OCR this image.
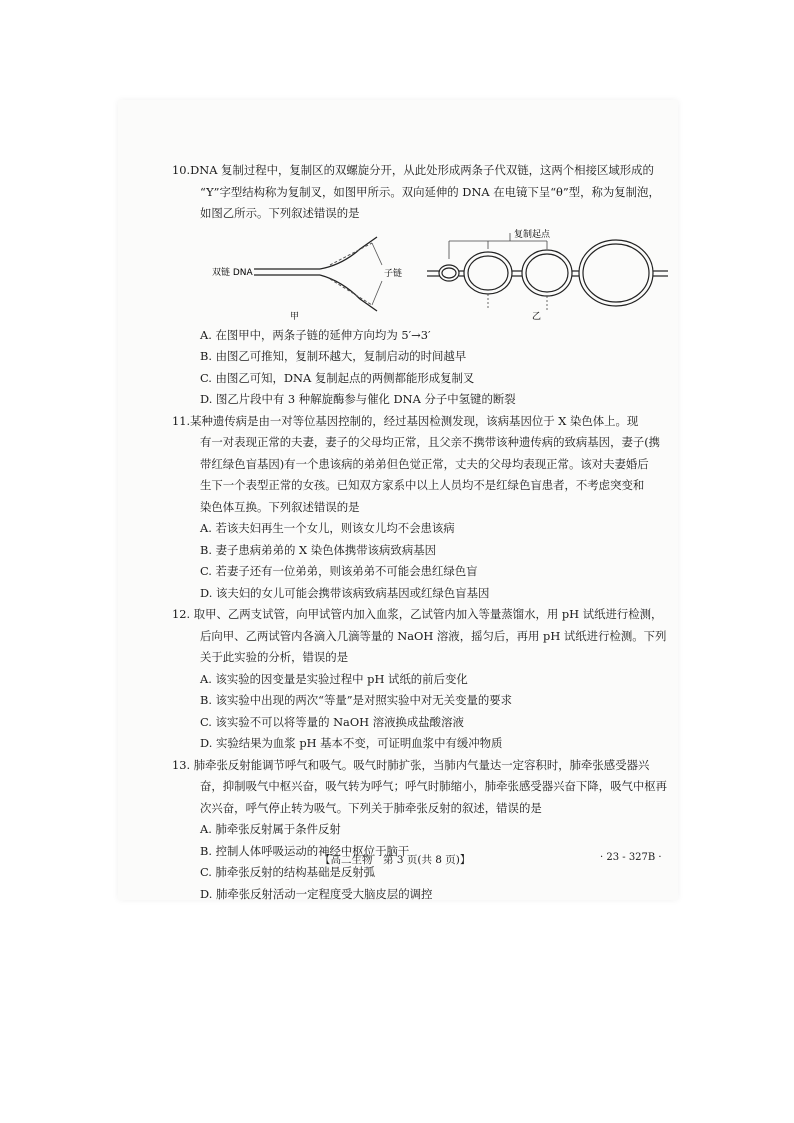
10.DNA 复制过程中，复制区的双螺旋分开，从此处形成两条子代双链，这两个相接区域形成的

“Y”字型结构称为复制叉，如图甲所示。双向延伸的 DNA 在电镜下呈“θ”型，称为复制泡，

如图乙所示。下列叙述错误的是

双链 DNA	子链
甲
复制起点
乙

A. 在图甲中，两条子链的延伸方向均为 5′→3′

B. 由图乙可推知，复制环越大，复制启动的时间越早

C. 由图乙可知，DNA 复制起点的两侧都能形成复制叉

D. 图乙片段中有 3 种解旋酶参与催化 DNA 分子中氢键的断裂

11.某种遗传病是由一对等位基因控制的，经过基因检测发现，该病基因位于 X 染色体上。现

有一对表现正常的夫妻，妻子的父母均正常，且父亲不携带该种遗传病的致病基因，妻子(携

带红绿色盲基因)有一个患该病的弟弟但色觉正常，丈夫的父母均表现正常。该对夫妻婚后

生下一个表型正常的女孩。已知双方家系中以上人员均不是红绿色盲患者，不考虑突变和

染色体互换。下列叙述错误的是

A. 若该夫妇再生一个女儿，则该女儿均不会患该病

B. 妻子患病弟弟的 X 染色体携带该病致病基因

C. 若妻子还有一位弟弟，则该弟弟不可能会患红绿色盲

D. 该夫妇的女儿可能会携带该病致病基因或红绿色盲基因

12. 取甲、乙两支试管，向甲试管内加入血浆，乙试管内加入等量蒸馏水，用 pH 试纸进行检测，

后向甲、乙两试管内各滴入几滴等量的 NaOH 溶液，摇匀后，再用 pH 试纸进行检测。下列

关于此实验的分析，错误的是

A. 该实验的因变量是实验过程中 pH 试纸的前后变化

B. 该实验中出现的两次“等量”是对照实验中对无关变量的要求

C. 该实验不可以将等量的 NaOH 溶液换成盐酸溶液

D. 实验结果为血浆 pH 基本不变，可证明血浆中有缓冲物质

13. 肺牵张反射能调节呼气和吸气。吸气时肺扩张，当肺内气量达一定容积时，肺牵张感受器兴

奋，抑制吸气中枢兴奋，吸气转为呼气；呼气时肺缩小，肺牵张感受器兴奋下降，吸气中枢再

次兴奋，呼气停止转为吸气。下列关于肺牵张反射的叙述，错误的是

A. 肺牵张反射属于条件反射

B. 控制人体呼吸运动的神经中枢位于脑干

C. 肺牵张反射的结构基础是反射弧

D. 肺牵张反射活动一定程度受大脑皮层的调控

【高二生物　第 3 页(共 8 页)】	· 23 - 327B ·
